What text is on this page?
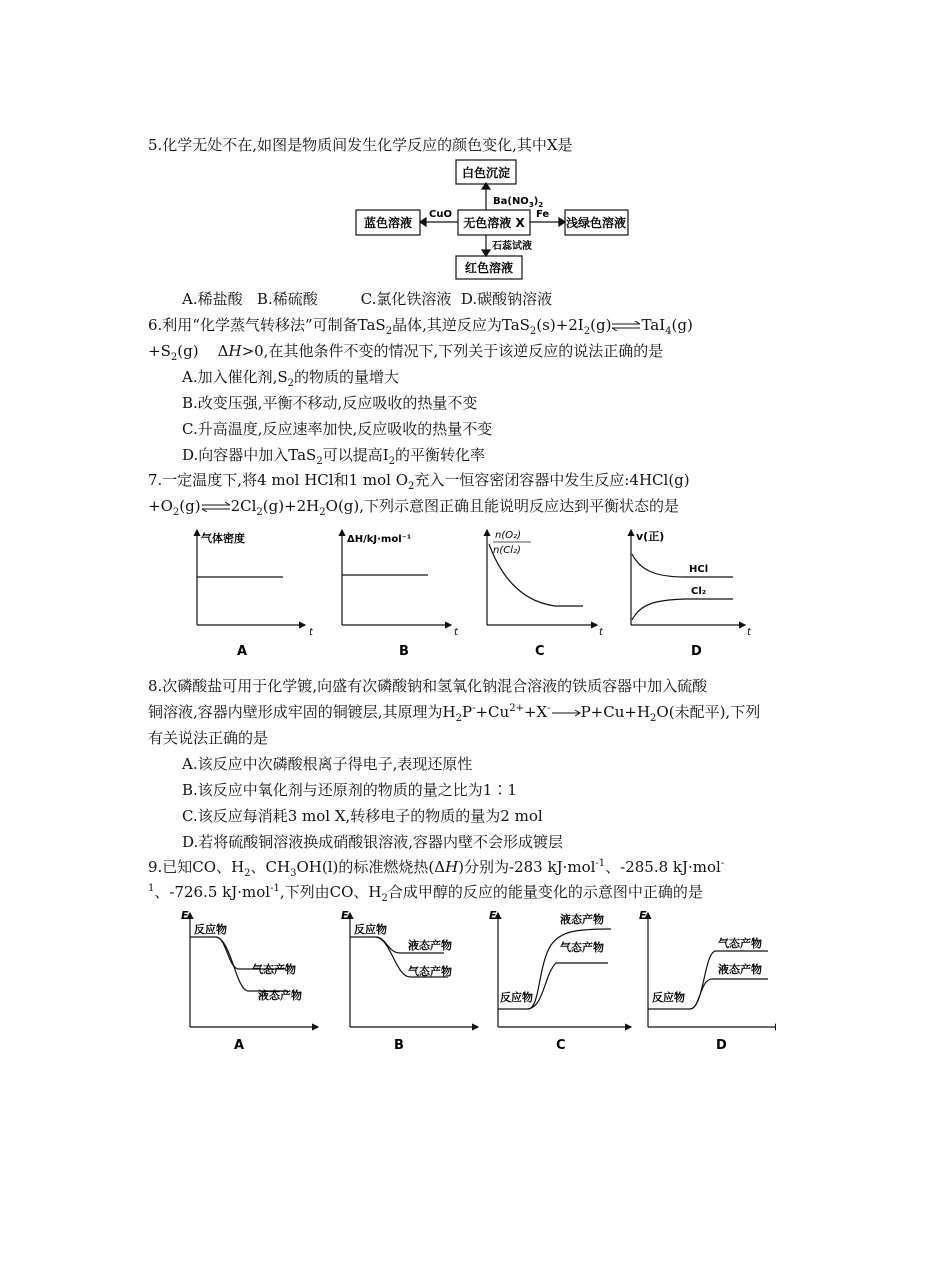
5.化学无处不在,如图是物质间发生化学反应的颜色变化,其中X是
白色沉淀
无色溶液 X
蓝色溶液	浅绿色溶液
红色溶液
$Ba(NO_3)_2$
CuO	Fe
石蕊试液
A.稀盐酸 B.稀硫酸	C.氯化铁溶液 D.碳酸钠溶液
6.利用“化学蒸气转移法”可制备TaS$_2$晶体,其逆反应为$TaS_2(s)+2I_2(g)\rightleftharpoons TaI_4(g)$
$+S_2(g)$ ΔH>0,在其他条件不变的情况下,下列关于该逆反应的说法正确的是
A.加入催化剂$,S_2$的物质的量增大
B.改变压强,平衡不移动,反应吸收的热量不变
C.升高温度,反应速率加快,反应吸收的热量不变
D.向容器中加入TaS$_2$可以提高$I_2$的平衡转化率
7.一定温度下,将4 mol HCl和1 mol $O_2$充入一恒容密闭容器中发生反应:4HCl(g)
$+O_2(g)\rightleftharpoons 2Cl_2(g)+2H_2O(g)$,下列示意图正确且能说明反应达到平衡状态的是
气体密度	ΔH/kJ·mol⁻¹	n(O₂)
n(Cl₂)
v(正)
HCl
Cl₂
t	t	t	t
A	B	C	D
8.次磷酸盐可用于化学镀,向盛有次磷酸钠和氢氧化钠混合溶液的铁质容器中加入硫酸
铜溶液,容器内壁形成牢固的铜镀层,其原理为$H_2P^-+Cu^{2+}+X^-\to P+Cu+H_2O$(未配平),下列
有关说法正确的是
A.该反应中次磷酸根离子得电子,表现还原性
B.该反应中氧化剂与还原剂的物质的量之比为1∶1
C.该反应每消耗3 mol X,转移电子的物质的量为2 mol
D.若将硫酸铜溶液换成硝酸银溶液,容器内壁不会形成镀层
9.已知CO、$H_2$、$CH_3OH(l)$的标准燃烧热(ΔH)分别为-283 kJ·mol$^{-1}$、-285.8 kJ·mol-
$^1$、-726.5 kJ·mol$^{-1}$,下列由CO、$H_2$合成甲醇的反应的能量变化的示意图中正确的是
E	E	E	E
反应物
气态产物
液态产物
反应物
液态产物
气态产物
反应物
液态产物
气态产物
反应物
气态产物
液态产物
A	B	C	D
